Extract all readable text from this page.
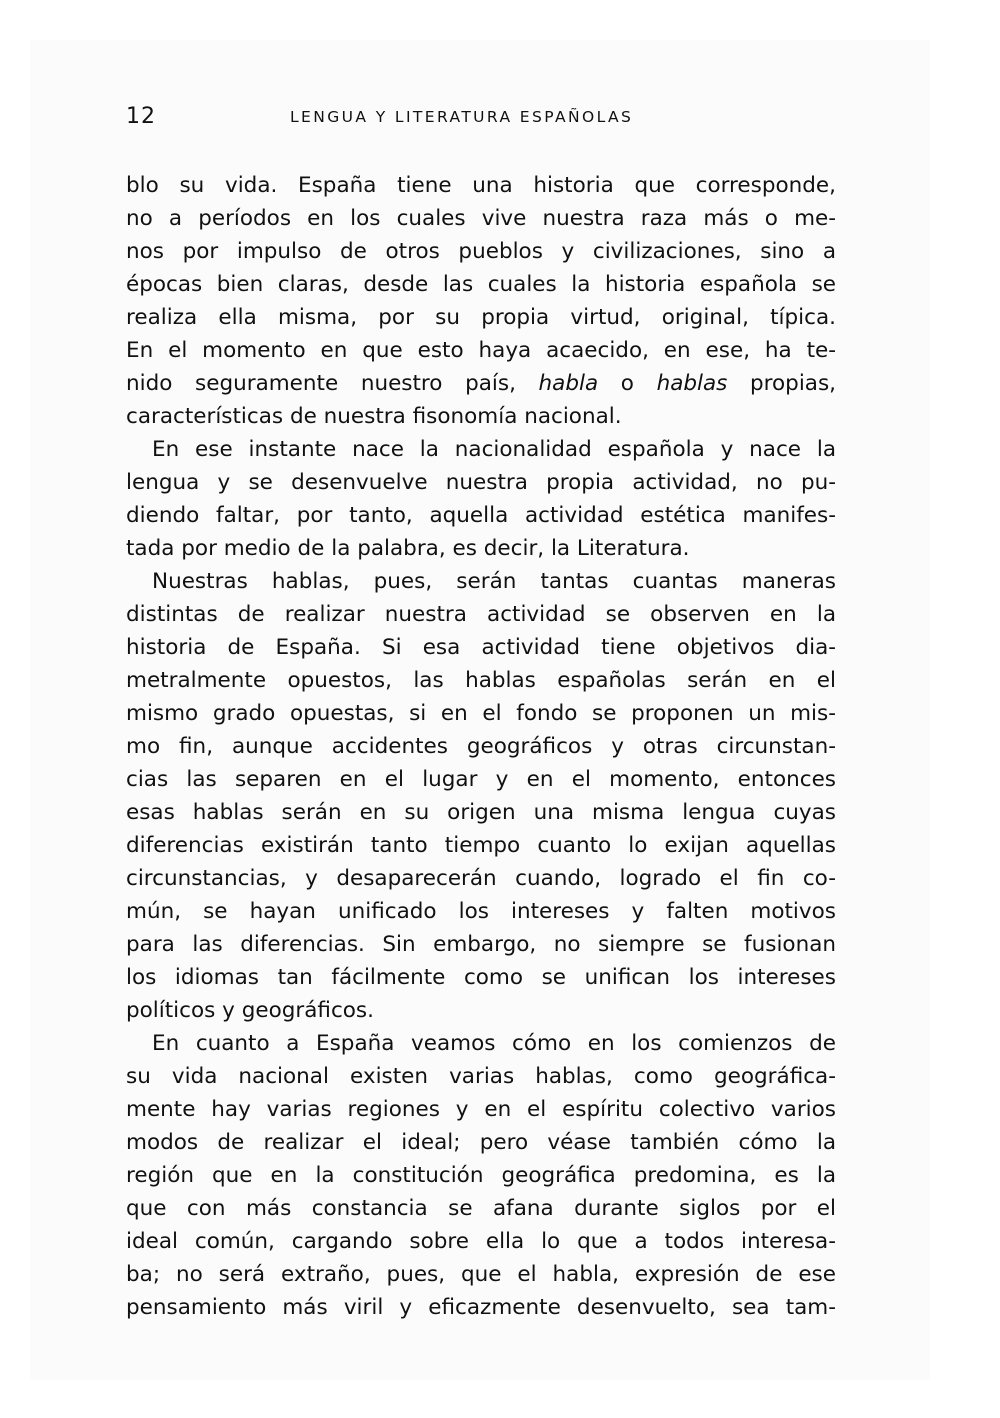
12	LENGUA Y LITERATURA ESPAÑOLAS
blo su vida. España tiene una historia que corresponde,
no a períodos en los cuales vive nuestra raza más o me-
nos por impulso de otros pueblos y civilizaciones, sino a
épocas bien claras, desde las cuales la historia española se
realiza ella misma, por su propia virtud, original, típica.
En el momento en que esto haya acaecido, en ese, ha te-
nido seguramente nuestro país, habla o hablas propias,
características de nuestra fisonomía nacional.
En ese instante nace la nacionalidad española y nace la
lengua y se desenvuelve nuestra propia actividad, no pu-
diendo faltar, por tanto, aquella actividad estética manifes-
tada por medio de la palabra, es decir, la Literatura.
Nuestras hablas, pues, serán tantas cuantas maneras
distintas de realizar nuestra actividad se observen en la
historia de España. Si esa actividad tiene objetivos dia-
metralmente opuestos, las hablas españolas serán en el
mismo grado opuestas, si en el fondo se proponen un mis-
mo fin, aunque accidentes geográficos y otras circunstan-
cias las separen en el lugar y en el momento, entonces
esas hablas serán en su origen una misma lengua cuyas
diferencias existirán tanto tiempo cuanto lo exijan aquellas
circunstancias, y desaparecerán cuando, logrado el fin co-
mún, se hayan unificado los intereses y falten motivos
para las diferencias. Sin embargo, no siempre se fusionan
los idiomas tan fácilmente como se unifican los intereses
políticos y geográficos.
En cuanto a España veamos cómo en los comienzos de
su vida nacional existen varias hablas, como geográfica-
mente hay varias regiones y en el espíritu colectivo varios
modos de realizar el ideal; pero véase también cómo la
región que en la constitución geográfica predomina, es la
que con más constancia se afana durante siglos por el
ideal común, cargando sobre ella lo que a todos interesa-
ba; no será extraño, pues, que el habla, expresión de ese
pensamiento más viril y eficazmente desenvuelto, sea tam-
